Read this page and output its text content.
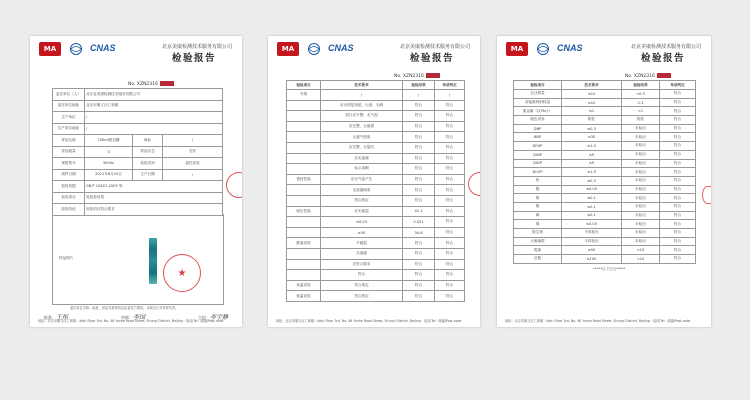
MA	CNAS	北京美康检测技术服务有限公司
检验报告
No. XZN2316
委托单位（人）	北京亚美康检测技术服务有限公司		
委托单位地址	北京市顺义区仁和镇		
生产单位	/		
生产单位地址	/		
样品名称	700ml密封罐	商标	/
样品数量	3	样品状态	完好
规格型号	300ml	检验类别	委托检验
到样日期	2021年6月25日	生产日期	/
检验依据	GB/T 10457-2009 等		
检验项目	见检验结果		
检验结论	所检项目符合要求		
样品照片
★
委托单位名称、地址、样品名称等信息由委托方提供，本报告只对来样负责。
批准：王彤	审核：李国	主检：李宇静
地址：北京市顺义区仁和镇 · Add: Floor 3rd, No. 46 Yunhe Road Street, Shunyi District, Beijing · 电话/Tel · 邮编/Post code
MA	CNAS	北京美康检测技术服务有限公司
检验报告
No. XZN2316
检验项目	技术要求	检验结果	单项判定
外观	/	/	/
	应无明显划痕、污迹、毛刺	符合	符合
	封口应平整、无气泡	符合	符合
	应完整、无破损	符合	符合
	无漏气现象	符合	符合
	应完整、无裂纹	符合	符合
	应无渗漏	符合	符合
	标示清晰	符合	符合
密封性能	应无气泡产生	符合	符合
	无渗漏现象	符合	符合
	符合规定	符合	符合
耐压性能	应无破裂	42.1	符合
	≥0.03	0.051	符合
	≥30	34.6	符合
跌落试验	不破裂	符合	符合
	无渗漏	符合	符合
	应符合要求	符合	符合
	符合	符合	符合
高温试验	符合规定	符合	符合
低温试验	符合规定	符合	符合
地址：北京市顺义区仁和镇 · Add: Floor 3rd, No. 46 Yunhe Road Street, Shunyi District, Beijing · 电话/Tel · 邮编/Post code
MA	CNAS	北京美康检测技术服务有限公司
检验报告
No. XZN2316
检验项目	技术要求	检验结果	单项判定
总迁移量	≤10	<0.5	符合
高锰酸钾消耗量	≤10	2.3	符合
重金属（以Pb计）	≤1	<1	符合
脱色试验	阴性	阴性	符合
DBP	≤0.3	未检出	符合
BBP	≤30	未检出	符合
DEHP	≤1.5	未检出	符合
DINP	≤9	未检出	符合
DIDP	≤9	未检出	符合
DnOP	≤1.5	未检出	符合
铅	≤0.5	未检出	符合
镉	≤0.05	未检出	符合
铬	≤0.1	未检出	符合
镍	≤0.1	未检出	符合
砷	≤0.1	未检出	符合
锑	≤0.05	未检出	符合
微生物	不得检出	未检出	符合
大肠菌群	不得检出	未检出	符合
霉菌	≤50	<10	符合
总数	≤100	<10	符合
*****以下空白*****
地址：北京市顺义区仁和镇 · Add: Floor 3rd, No. 46 Yunhe Road Street, Shunyi District, Beijing · 电话/Tel · 邮编/Post code
